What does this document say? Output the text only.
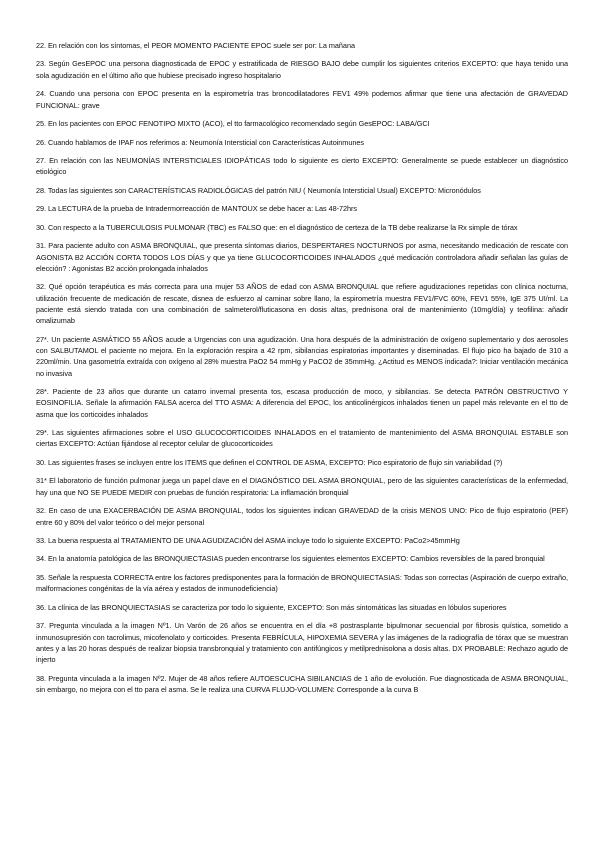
22. En relación con los síntomas, el PEOR MOMENTO PACIENTE EPOC suele ser por: La mañana

23. Según GesEPOC una persona diagnosticada de EPOC y estratificada de RIESGO BAJO debe cumplir los siguientes criterios EXCEPTO: que haya tenido una sola agudización en el último año que hubiese precisado ingreso hospitalario

24. Cuando una persona con EPOC presenta en la espirometría tras broncodilatadores FEV1 49% podemos afirmar que tiene una afectación de GRAVEDAD FUNCIONAL: grave

25. En los pacientes con EPOC FENOTIPO MIXTO (ACO), el tto farmacológico recomendado según GesEPOC: LABA/GCI

26. Cuando hablamos de IPAF nos referimos a: Neumonía Intersticial con Características Autoinmunes

27. En relación con las NEUMONÍAS INTERSTICIALES IDIOPÁTICAS todo lo siguiente es cierto EXCEPTO: Generalmente se puede establecer un diagnóstico etiológico

28. Todas las siguientes son CARACTERÍSTICAS RADIOLÓGICAS del patrón NIU ( Neumonía Intersticial Usual) EXCEPTO: Micronódulos

29. La LECTURA de la prueba de Intradermorreacción de MANTOUX se debe hacer a: Las 48-72hrs

30. Con respecto a la TUBERCULOSIS PULMONAR (TBC) es FALSO que: en el diagnóstico de certeza de la TB debe realizarse la Rx simple de tórax

31. Para paciente adulto con ASMA BRONQUIAL, que presenta síntomas diarios, DESPERTARES NOCTURNOS por asma, necesitando medicación de rescate con AGONISTA B2 ACCIÓN CORTA TODOS LOS DÍAS y que ya tiene GLUCOCORTICOIDES INHALADOS ¿qué medicación controladora añadir señalan las guías de elección? : Agonistas B2 acción prolongada inhalados

32. Qué opción terapéutica es más correcta para una mujer 53 AÑOS de edad con ASMA BRONQUIAL que refiere agudizaciones repetidas con clínica nocturna, utilización frecuente de medicación de rescate, disnea de esfuerzo al caminar sobre llano, la espirometría muestra FEV1/FVC 60%, FEV1 55%, IgE 375 UI/ml. La paciente está siendo tratada con una combinación de salmeterol/fluticasona en dosis altas, prednisona oral de mantenimiento (10mg/día) y teofilina: añadir omalizumab

27*. Un paciente ASMÁTICO 55 AÑOS acude a Urgencias con una agudización. Una hora después de la administración de oxígeno suplementario y dos aerosoles con SALBUTAMOL el paciente no mejora. En la exploración respira a 42 rpm, sibilancias espiratorias importantes y diseminadas. El flujo pico ha bajado de 310 a 220ml/min. Una gasometría extraída con oxígeno al 28% muestra PaO2 54 mmHg y PaCO2 de 35mmHg. ¿Actitud es MENOS indicada?: Iniciar ventilación mecánica no invasiva

28*. Paciente de 23 años que durante un catarro invernal presenta tos, escasa producción de moco, y sibilancias. Se detecta PATRÓN OBSTRUCTIVO Y EOSINOFILIA. Señale la afirmación FALSA acerca del TTO ASMA: A diferencia del EPOC, los anticolinérgicos inhalados tienen un papel más relevante en el tto de asma que los corticoides inhalados

29*. Las siguientes afirmaciones sobre el USO GLUCOCORTICOIDES INHALADOS en el tratamiento de mantenimiento del ASMA BRONQUIAL ESTABLE son ciertas EXCEPTO: Actúan fijándose al receptor celular de glucocorticoides

30. Las siguientes frases se incluyen entre los ITEMS que definen el CONTROL DE ASMA, EXCEPTO: Pico espiratorio de flujo sin variabilidad (?)

31* El laboratorio de función pulmonar juega un papel clave en el DIAGNÓSTICO DEL ASMA BRONQUIAL, pero de las siguientes características de la enfermedad, hay una que NO SE PUEDE MEDIR con pruebas de función respiratoria: La inflamación bronquial

32. En caso de una EXACERBACIÓN DE ASMA BRONQUIAL, todos los siguientes indican GRAVEDAD de la crisis MENOS UNO: Pico de flujo espiratorio (PEF) entre 60 y 80% del valor teórico o del mejor personal

33. La buena respuesta al TRATAMIENTO DE UNA AGUDIZACIÓN del ASMA incluye todo lo siguiente EXCEPTO: PaCo2>45mmHg

34. En la anatomía patológica de las BRONQUIECTASIAS pueden encontrarse los siguientes elementos EXCEPTO: Cambios reversibles de la pared bronquial

35. Señale la respuesta CORRECTA entre los factores predisponentes para la formación de BRONQUIECTASIAS: Todas son correctas (Aspiración de cuerpo extraño, malformaciones congénitas de la vía aérea y estados de inmunodeficiencia)

36. La clínica de las BRONQUIECTASIAS se caracteriza por todo lo siguiente, EXCEPTO: Son más sintomáticas las situadas en lóbulos superiores

37. Pregunta vinculada a la imagen Nº1. Un Varón de 26 años se encuentra en el día +8 postrasplante bipulmonar secuencial por fibrosis quística, sometido a inmunosupresión con tacrolimus, micofenolato y corticoides. Presenta FEBRÍCULA, HIPOXEMIA SEVERA y las imágenes de la radiografía de tórax que se muestran antes y a las 20 horas después de realizar biopsia transbronquial y tratamiento con antifúngicos y metilprednisolona a dosis altas. DX PROBABLE: Rechazo agudo de injerto

38. Pregunta vinculada a la imagen Nº2. Mujer de 48 años refiere AUTOESCUCHA SIBILANCIAS de 1 año de evolución. Fue diagnosticada de ASMA BRONQUIAL, sin embargo, no mejora con el tto para el asma. Se le realiza una CURVA FLUJO-VOLUMEN: Corresponde a la curva B
